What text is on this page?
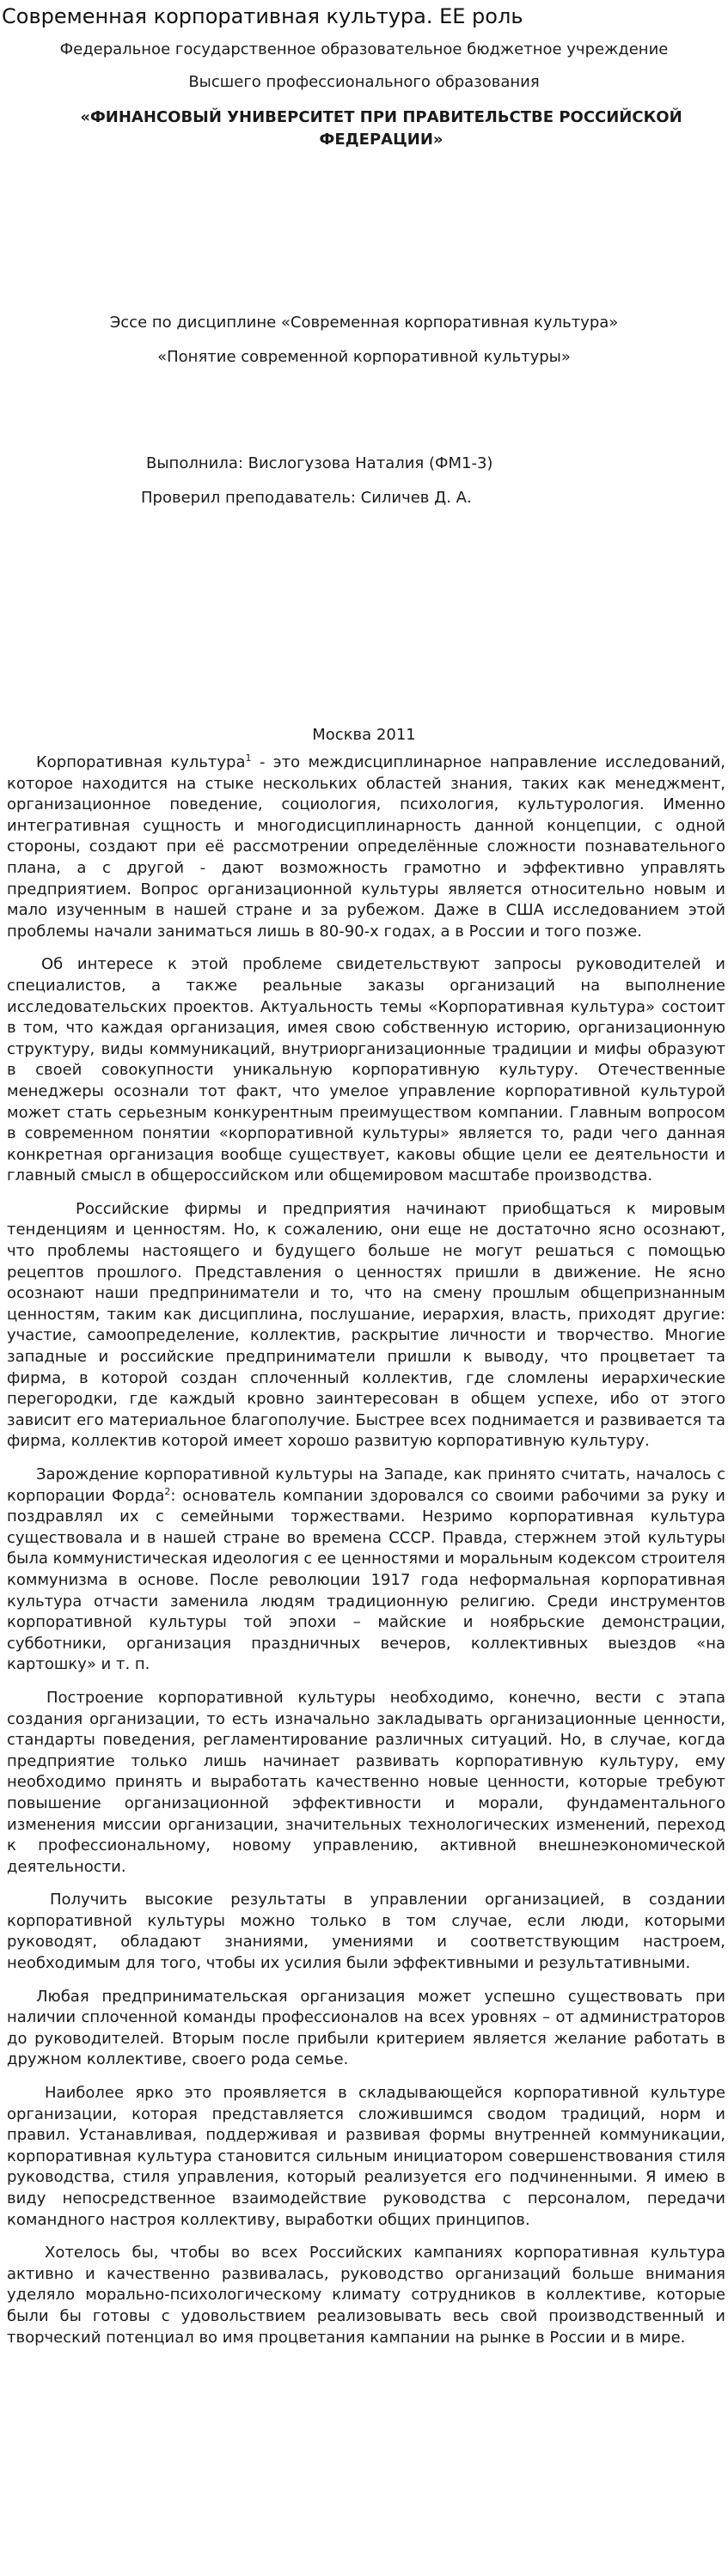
Современная корпоративная культура. ЕЕ роль
Федеральное государственное образовательное бюджетное учреждение
Высшего профессионального образования
«ФИНАНСОВЫЙ УНИВЕРСИТЕТ ПРИ ПРАВИТЕЛЬСТВЕ РОССИЙСКОЙ ФЕДЕРАЦИИ»
Эссе по дисциплине «Современная корпоративная культура»
«Понятие современной корпоративной культуры»
Выполнила: Вислогузова Наталия (ФМ1-3)
Проверил преподаватель: Силичев Д. А.
Москва 2011

Корпоративная культура$^1$ - это междисциплинарное направление исследований, которое находится на стыке нескольких областей знания, таких как менеджмент, организационное поведение, социология, психология, культурология. Именно интегративная сущность и многодисциплинарность данной концепции, с одной стороны, создают при её рассмотрении определённые сложности познавательного плана, а с другой - дают возможность грамотно и эффективно управлять предприятием. Вопрос организационной культуры является относительно новым и мало изученным в нашей стране и за рубежом. Даже в США исследованием этой проблемы начали заниматься лишь в 80-90-х годах, а в России и того позже.

Об интересе к этой проблеме свидетельствуют запросы руководителей и специалистов, а также реальные заказы организаций на выполнение исследовательских проектов. Актуальность темы «Корпоративная культура» состоит в том, что каждая организация, имея свою собственную историю, организационную структуру, виды коммуникаций, внутриорганизационные традиции и мифы образуют в своей совокупности уникальную корпоративную культуру. Отечественные менеджеры осознали тот факт, что умелое управление корпоративной культурой может стать серьезным конкурентным преимуществом компании. Главным вопросом в современном понятии «корпоративной культуры» является то, ради чего данная конкретная организация вообще существует, каковы общие цели ее деятельности и главный смысл в общероссийском или общемировом масштабе производства.

Российские фирмы и предприятия начинают приобщаться к мировым тенденциям и ценностям. Но, к сожалению, они еще не достаточно ясно осознают, что проблемы настоящего и будущего больше не могут решаться с помощью рецептов прошлого. Представления о ценностях пришли в движение. Не ясно осознают наши предприниматели и то, что на смену прошлым общепризнанным ценностям, таким как дисциплина, послушание, иерархия, власть, приходят другие: участие, самоопределение, коллектив, раскрытие личности и творчество. Многие западные и российские предприниматели пришли к выводу, что процветает та фирма, в которой создан сплоченный коллектив, где сломлены иерархические перегородки, где каждый кровно заинтересован в общем успехе, ибо от этого зависит его материальное благополучие. Быстрее всех поднимается и развивается та фирма, коллектив которой имеет хорошо развитую корпоративную культуру.

Зарождение корпоративной культуры на Западе, как принято считать, началось с корпорации Форда$^2$: основатель компании здоровался со своими рабочими за руку и поздравлял их с семейными торжествами. Незримо корпоративная культура существовала и в нашей стране во времена СССР. Правда, стержнем этой культуры была коммунистическая идеология с ее ценностями и моральным кодексом строителя коммунизма в основе. После революции 1917 года неформальная корпоративная культура отчасти заменила людям традиционную религию. Среди инструментов корпоративной культуры той эпохи – майские и ноябрьские демонстрации, субботники, организация праздничных вечеров, коллективных выездов «на картошку» и т. п.

Построение корпоративной культуры необходимо, конечно, вести с этапа создания организации, то есть изначально закладывать организационные ценности, стандарты поведения, регламентирование различных ситуаций. Но, в случае, когда предприятие только лишь начинает развивать корпоративную культуру, ему необходимо принять и выработать качественно новые ценности, которые требуют повышение организационной эффективности и морали, фундаментального изменения миссии организации, значительных технологических изменений, переход к профессиональному, новому управлению, активной внешнеэкономической деятельности.

Получить высокие результаты в управлении организацией, в создании корпоративной культуры можно только в том случае, если люди, которыми руководят, обладают знаниями, умениями и соответствующим настроем, необходимым для того, чтобы их усилия были эффективными и результативными.

Любая предпринимательская организация может успешно существовать при наличии сплоченной команды профессионалов на всех уровнях – от администраторов до руководителей. Вторым после прибыли критерием является желание работать в дружном коллективе, своего рода семье.

Наиболее ярко это проявляется в складывающейся корпоративной культуре организации, которая представляется сложившимся сводом традиций, норм и правил. Устанавливая, поддерживая и развивая формы внутренней коммуникации, корпоративная культура становится сильным инициатором совершенствования стиля руководства, стиля управления, который реализуется его подчиненными. Я имею в виду непосредственное взаимодействие руководства с персоналом, передачи командного настроя коллективу, выработки общих принципов.

Хотелось бы, чтобы во всех Российских кампаниях корпоративная культура активно и качественно развивалась, руководство организаций больше внимания уделяло морально-психологическому климату сотрудников в коллективе, которые были бы готовы с удовольствием реализовывать весь свой производственный и творческий потенциал во имя процветания кампании на рынке в России и в мире.
